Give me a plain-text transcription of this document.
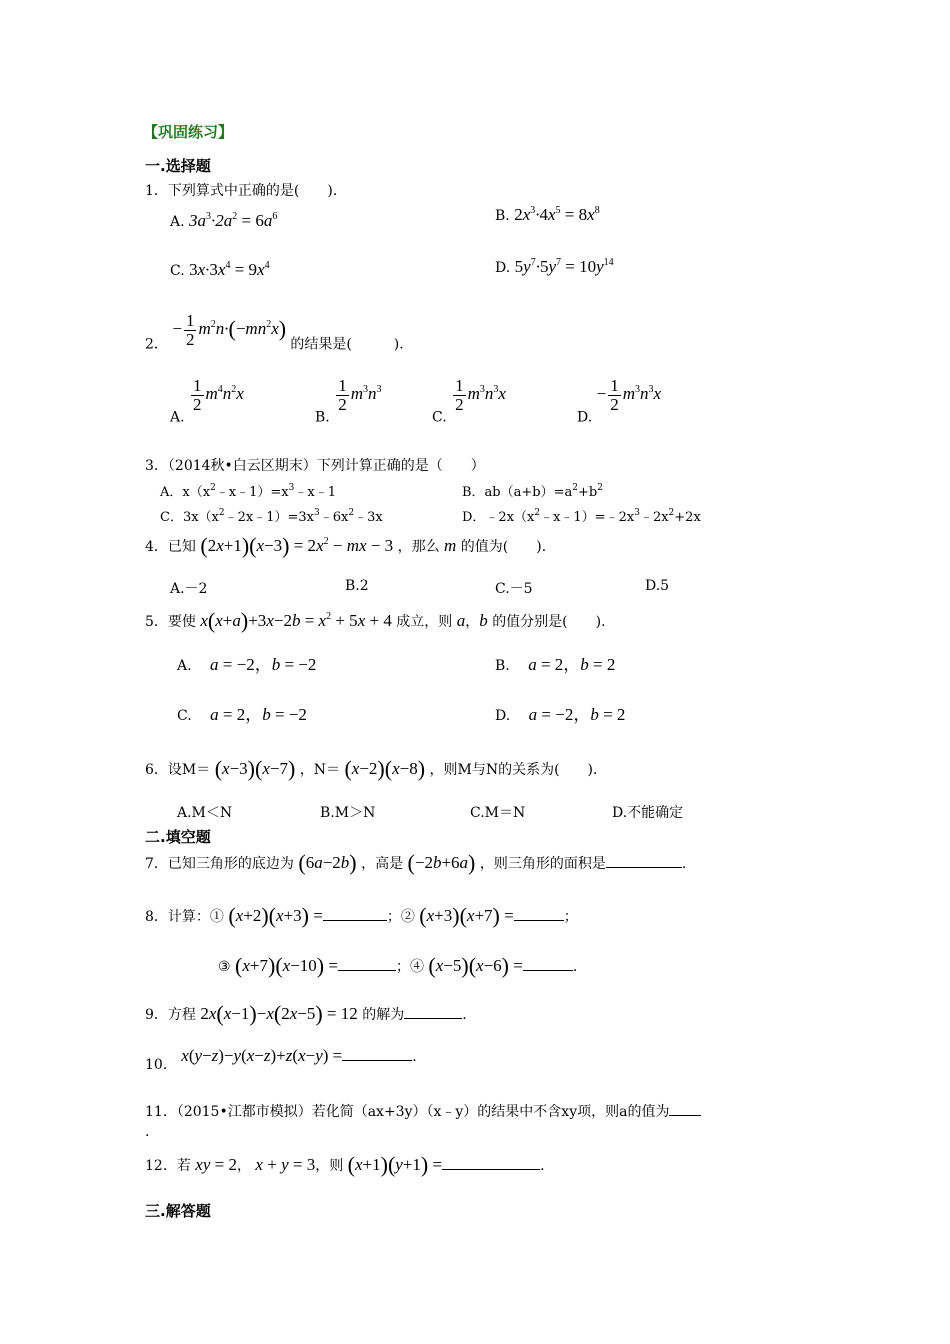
【巩固练习】
一.选择题
1．下列算式中正确的是(　　)．
A. $3a^3\cdot 2a^2 = 6a^6$	B. $2x^3\cdot 4x^5 = 8x^8$
C. $3x\cdot 3x^4 = 9x^4$	D. $5y^7\cdot 5y^7 = 10y^{14}$
2． − $\frac{1}{2} m^2n\cdot(-mn^2x)$ 的结果是(　　　)．
A.
$\frac{1}{2} m^4n^2x$
B.
$\frac{1}{2} m^3n^3$
C.
$\frac{1}{2} m^3n^3x$
D. − $\frac{1}{2} m^3n^3x$
3．（2014秋•白云区期末）下列计算正确的是（　　）
A．$x(x^2﹣x﹣1)=x^3﹣x﹣1$	B．$ab(a+b)=a^2+b^2$
C．$3x(x^2﹣2x﹣1)=3x^3﹣6x^2﹣3x$	D．$﹣2x(x^2﹣x﹣1)=﹣2x^3﹣2x^2+2x$
4．已知 $(2x+1)(x-3) = 2x^2$ − mx − 3 ，那么 m 的值为(　　)．
A.－2	B.2	C.－5	D.5
5．要使 $x(x+a)+3x-2b = x^2 + 5x + 4$ 成立，则 a，b 的值分别是(　　)．
A. a = −2，b = −2	B. a = 2，b = 2
C. a = 2，b = −2	D. a = −2，b = 2
6．设M＝ (x−3)(x−7) ，N＝ (x−2)(x−8) ，则M与N的关系为(　　)．
A.M＜N	B.M＞N	C.M＝N	D.不能确定
二.填空题
7．已知三角形的底边为 (6a−2b) ，高是 (−2b+6a) ，则三角形的面积是	.
8．计算：① (x+2)(x+3) =	；② (x+3)(x+7) =	；
③ (x+7)(x−10) =	；④ (x−5)(x−6) =	.
9．方程 2x(x−1)−x(2x−5) = 12 的解为	.
10． x(y−z)−y(x−z)+z(x−y) =	.
11．（2015•江都市模拟）若化简（ax+3y）（x﹣y）的结果中不含xy项，则a的值为
.
12．若 xy = 2， x + y = 3，则 (x+1)(y+1) =	.
三.解答题
